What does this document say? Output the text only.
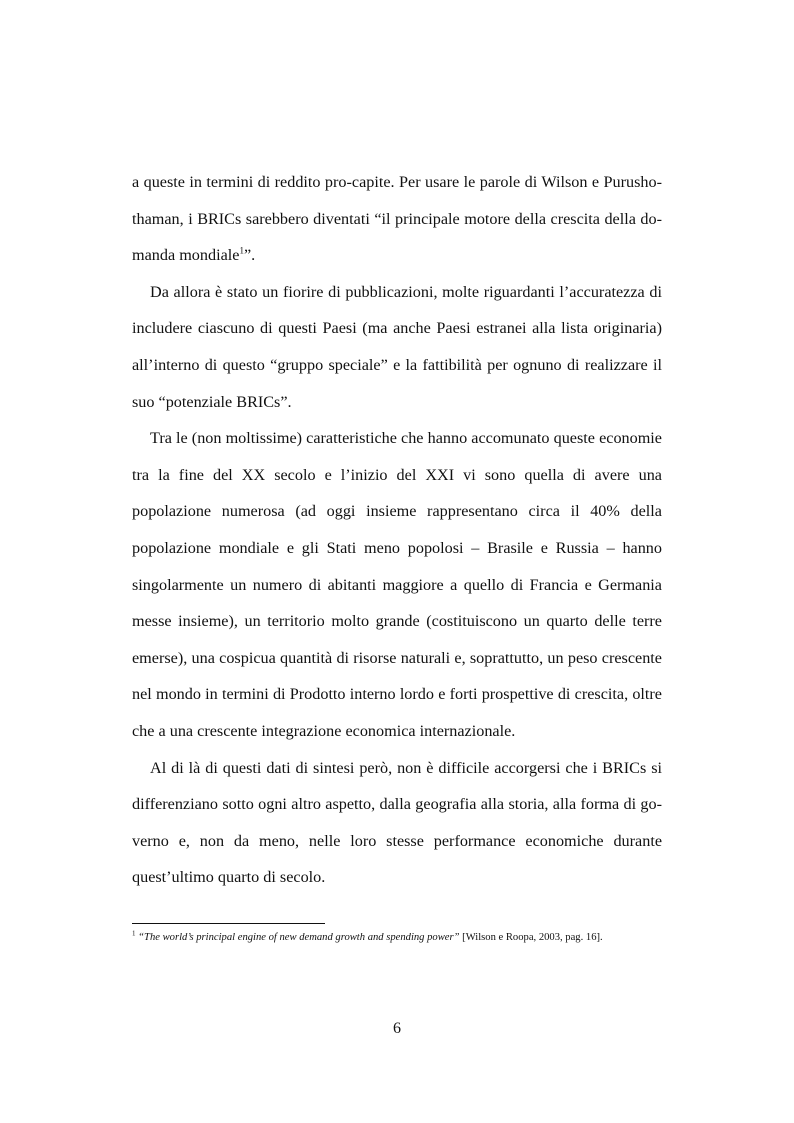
a queste in termini di reddito pro-capite. Per usare le parole di Wilson e Purushothaman, i BRICs sarebbero diventati “il principale motore della crescita della domanda mondiale$^1$”.

Da allora è stato un fiorire di pubblicazioni, molte riguardanti l’accuratezza di includere ciascuno di questi Paesi (ma anche Paesi estranei alla lista originaria) all’interno di questo “gruppo speciale” e la fattibilità per ognuno di realizzare il suo “potenziale BRICs”.

Tra le (non moltissime) caratteristiche che hanno accomunato queste economie tra la fine del XX secolo e l’inizio del XXI vi sono quella di avere una popolazione numerosa (ad oggi insieme rappresentano circa il 40% della popolazione mondiale e gli Stati meno popolosi – Brasile e Russia – hanno singolarmente un numero di abitanti maggiore a quello di Francia e Germania messe insieme), un territorio molto grande (costituiscono un quarto delle terre emerse), una cospicua quantità di risorse naturali e, soprattutto, un peso crescente nel mondo in termini di Prodotto interno lordo e forti prospettive di crescita, oltre che a una crescente integrazione economica internazionale.

Al di là di questi dati di sintesi però, non è difficile accorgersi che i BRICs si differenziano sotto ogni altro aspetto, dalla geografia alla storia, alla forma di governo e, non da meno, nelle loro stesse performance economiche durante quest’ultimo quarto di secolo.

$^1$ “The world’s principal engine of new demand growth and spending power” [Wilson e Roopa, 2003, pag. 16].
6
